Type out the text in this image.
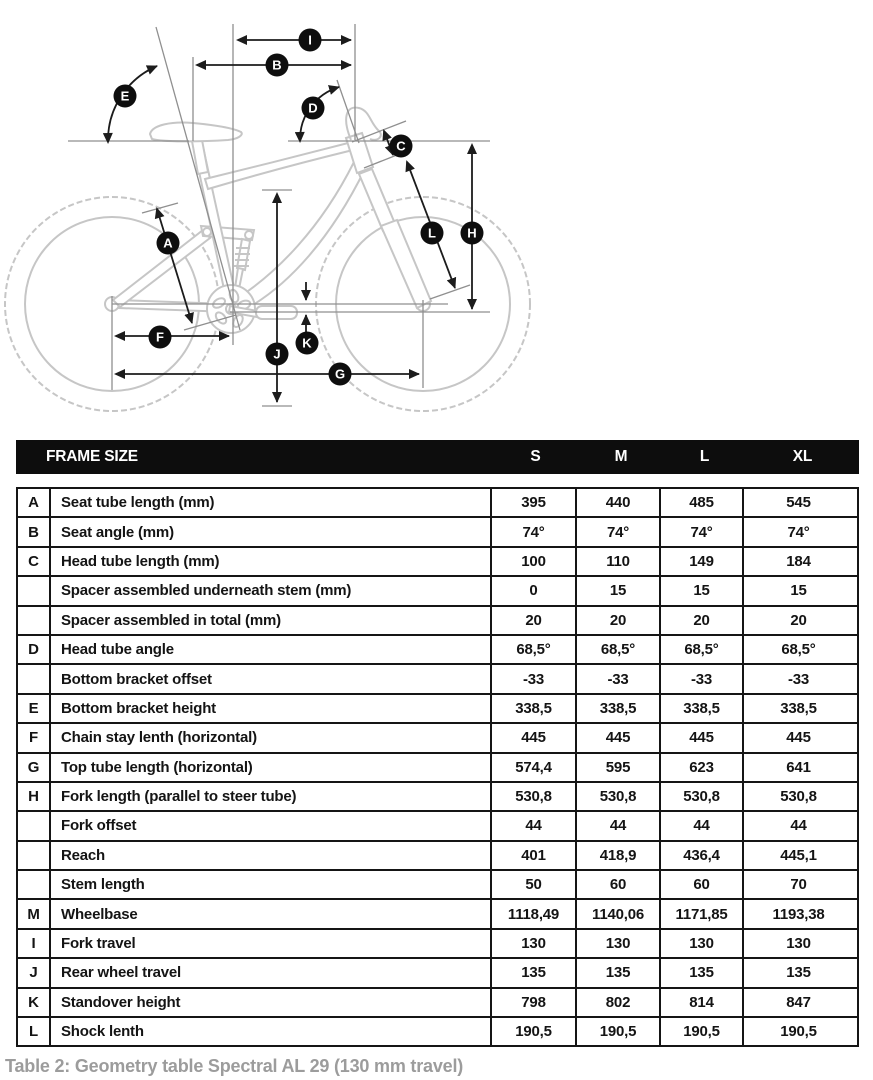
A
B
C
D
E
F
G
H
I
J
K
L
FRAME SIZE	S	M	L	XL
A	Seat tube length (mm)	395	440	485	545
B	Seat angle (mm)	74°	74°	74°	74°
C	Head tube length (mm)	100	110	149	184
Spacer assembled underneath stem (mm)	0	15	15	15
Spacer assembled in total (mm)	20	20	20	20
D	Head tube angle	68,5°	68,5°	68,5°	68,5°
Bottom bracket offset	-33	-33	-33	-33
E	Bottom bracket height	338,5	338,5	338,5	338,5
F	Chain stay lenth (horizontal)	445	445	445	445
G	Top tube length (horizontal)	574,4	595	623	641
H	Fork length (parallel to steer tube)	530,8	530,8	530,8	530,8
Fork offset	44	44	44	44
Reach	401	418,9	436,4	445,1
Stem length	50	60	60	70
M	Wheelbase	1118,49	1140,06	1171,85	1193,38
I	Fork travel	130	130	130	130
J	Rear wheel travel	135	135	135	135
K	Standover height	798	802	814	847
L	Shock lenth	190,5	190,5	190,5	190,5
Table 2: Geometry table Spectral AL 29 (130 mm travel)
